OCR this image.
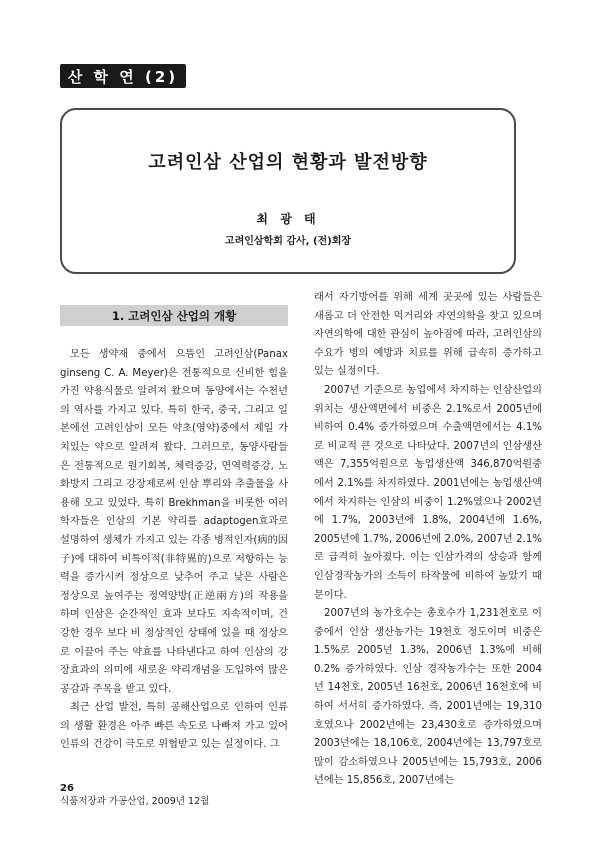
산 학 연 (2)
고려인삼 산업의 현황과 발전방향
최 광 태
고려인삼학회 감사, (전)회장
1. 고려인삼 산업의 개황

모든 생약재 중에서 으뜸인 고려인삼(Panax ginseng C. A. Meyer)은 전통적으로 신비한 힘을 가진 약용식물로 알려져 왔으며 동양에서는 수천년의 역사를 가지고 있다. 특히 한국, 중국, 그리고 일본에선 고려인삼이 모든 약초(영약)중에서 제일 가치있는 약으로 알려져 왔다. 그러므로, 동양사람들은 전통적으로 원기회복, 체력증강, 면역력증강, 노화방지 그리고 강장제로써 인삼 뿌리와 추출물을 사용해 오고 있었다. 특히 Brekhman을 비롯한 여러 학자들은 인삼의 기본 약리를 adaptogen효과로 설명하여 생체가 가지고 있는 각종 병적인자(病的因子)에 대하여 비특이적(非特異的)으로 저항하는 능력을 증가시켜 정상으로 낮추어 주고 낮은 사람은 정상으로 높여주는 정역양방(正逆兩方)의 작용을 하며 인삼은 순간적인 효과 보다도 지속적이며, 건강한 경우 보다 비 정상적인 상태에 있을 때 정상으로 이끌어 주는 약효를 나타낸다고 하여 인삼의 강장효과의 의미에 새로운 약리개념을 도입하여 많은 공감과 주목을 받고 있다.

최근 산업 발전, 특히 공해산업으로 인하여 인류의 생활 환경은 아주 빠른 속도로 나빠져 가고 있어 인류의 건강이 극도로 위협받고 있는 실정이다. 그

래서 자기방어를 위해 세계 곳곳에 있는 사람들은 새롭고 더 안전한 먹거리와 자연의학을 찾고 있으며 자연의학에 대한 관심이 높아짐에 따라, 고려인삼의 수요가 병의 예방과 치료를 위해 급속히 증가하고 있는 실정이다.

2007년 기준으로 농업에서 차지하는 인삼산업의 위치는 생산액면에서 비중은 2.1%로서 2005년에 비하여 0.4% 증가하였으며 수출액면에서는 4.1%로 비교적 큰 것으로 나타났다. 2007년의 인삼생산액은 7,355억원으로 농업생산액 346,870억원중에서 2.1%를 차지하였다. 2001년에는 농업생산액에서 차지하는 인삼의 비중이 1.2%였으나 2002년에 1.7%, 2003년에 1.8%, 2004년에 1.6%, 2005년에 1.7%, 2006년에 2.0%, 2007년 2.1%로 급격히 높아졌다. 이는 인삼가격의 상승과 함께 인삼경작농가의 소득이 타작물에 비하여 높았기 때문이다.

2007년의 농가호수는 총호수가 1,231천호로 이중에서 인삼 생산농가는 19천호 정도이며 비중은 1.5%로 2005년 1.3%, 2006년 1.3%에 비해 0.2% 증가하였다. 인삼 경작농가수는 또한 2004년 14천호, 2005년 16천호, 2006년 16천호에 비하여 서서히 증가하였다. 즉, 2001년에는 19,310호였으나 2002년에는 23,430호로 증가하였으며 2003년에는 18,106호, 2004년에는 13,797호로 많이 감소하였으나 2005년에는 15,793호, 2006년에는 15,856호, 2007년에는

26
식품저장과 가공산업, 2009년 12월
